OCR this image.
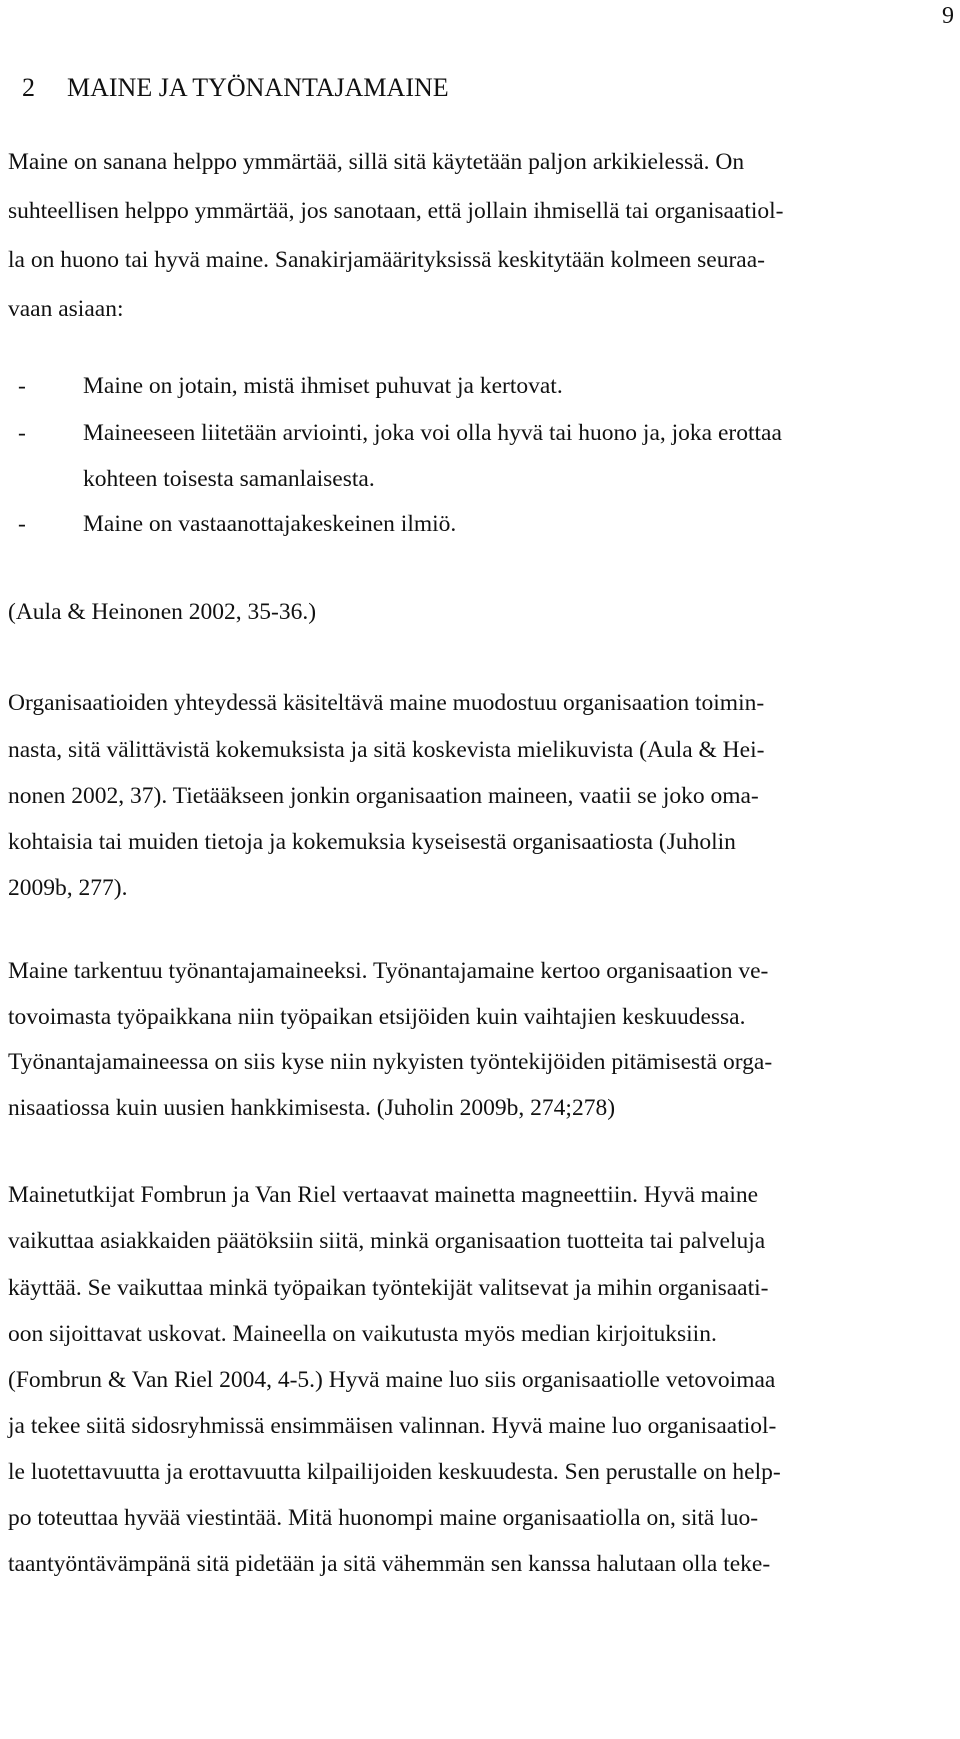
9
2 MAINE JA TYÖNANTAJAMAINE
Maine on sanana helppo ymmärtää, sillä sitä käytetään paljon arkikielessä. On
suhteellisen helppo ymmärtää, jos sanotaan, että jollain ihmisellä tai organisaatiol-
la on huono tai hyvä maine. Sanakirjamäärityksissä keskitytään kolmeen seuraa-
vaan asiaan:
- Maine on jotain, mistä ihmiset puhuvat ja kertovat.
- Maineeseen liitetään arviointi, joka voi olla hyvä tai huono ja, joka erottaa
kohteen toisesta samanlaisesta.
- Maine on vastaanottajakeskeinen ilmiö.
(Aula & Heinonen 2002, 35-36.)
Organisaatioiden yhteydessä käsiteltävä maine muodostuu organisaation toimin-
nasta, sitä välittävistä kokemuksista ja sitä koskevista mielikuvista (Aula & Hei-
nonen 2002, 37). Tietääkseen jonkin organisaation maineen, vaatii se joko oma-
kohtaisia tai muiden tietoja ja kokemuksia kyseisestä organisaatiosta (Juholin
2009b, 277).
Maine tarkentuu työnantajamaineeksi. Työnantajamaine kertoo organisaation ve-
tovoimasta työpaikkana niin työpaikan etsijöiden kuin vaihtajien keskuudessa.
Työnantajamaineessa on siis kyse niin nykyisten työntekijöiden pitämisestä orga-
nisaatiossa kuin uusien hankkimisesta. (Juholin 2009b, 274;278)
Mainetutkijat Fombrun ja Van Riel vertaavat mainetta magneettiin. Hyvä maine
vaikuttaa asiakkaiden päätöksiin siitä, minkä organisaation tuotteita tai palveluja
käyttää. Se vaikuttaa minkä työpaikan työntekijät valitsevat ja mihin organisaati-
oon sijoittavat uskovat. Maineella on vaikutusta myös median kirjoituksiin.
(Fombrun & Van Riel 2004, 4-5.) Hyvä maine luo siis organisaatiolle vetovoimaa
ja tekee siitä sidosryhmissä ensimmäisen valinnan. Hyvä maine luo organisaatiol-
le luotettavuutta ja erottavuutta kilpailijoiden keskuudesta. Sen perustalle on help-
po toteuttaa hyvää viestintää. Mitä huonompi maine organisaatiolla on, sitä luo-
taantyöntävämpänä sitä pidetään ja sitä vähemmän sen kanssa halutaan olla teke-
